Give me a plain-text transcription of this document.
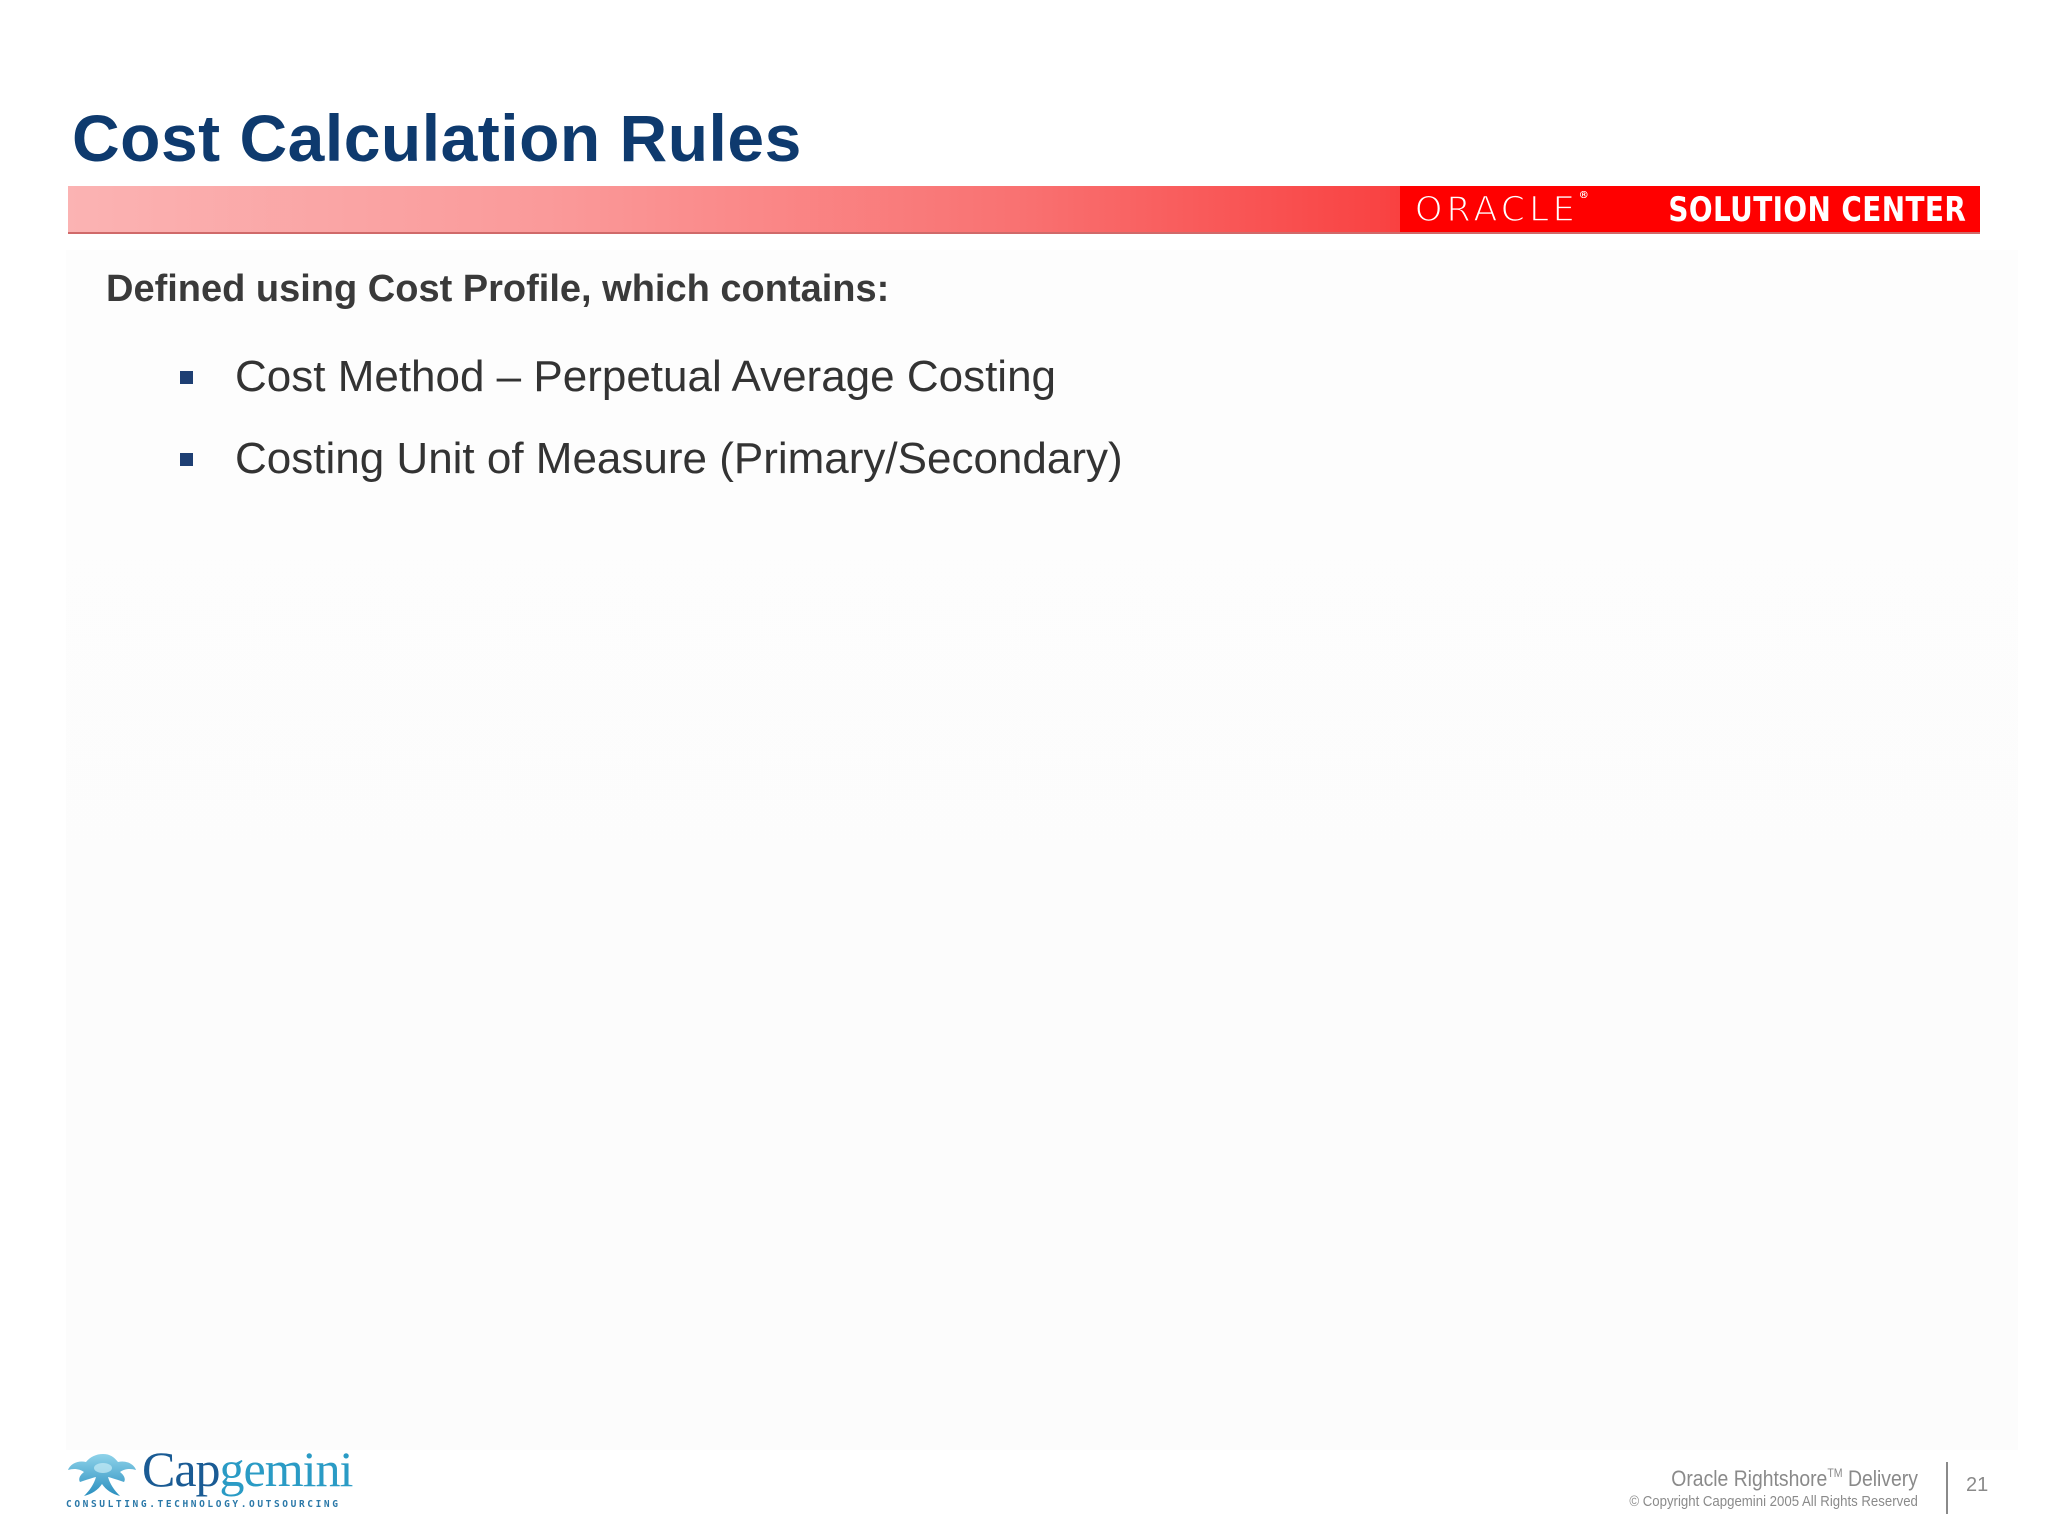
Cost Calculation Rules
ORACLE® SOLUTION CENTER

Defined using Cost Profile, which contains:

Cost Method – Perpetual Average Costing
Costing Unit of Measure (Primary/Secondary)
Capgemini
CONSULTING.TECHNOLOGY.OUTSOURCING
Oracle Rightshore™ Delivery
© Copyright Capgemini 2005 All Rights Reserved
21
